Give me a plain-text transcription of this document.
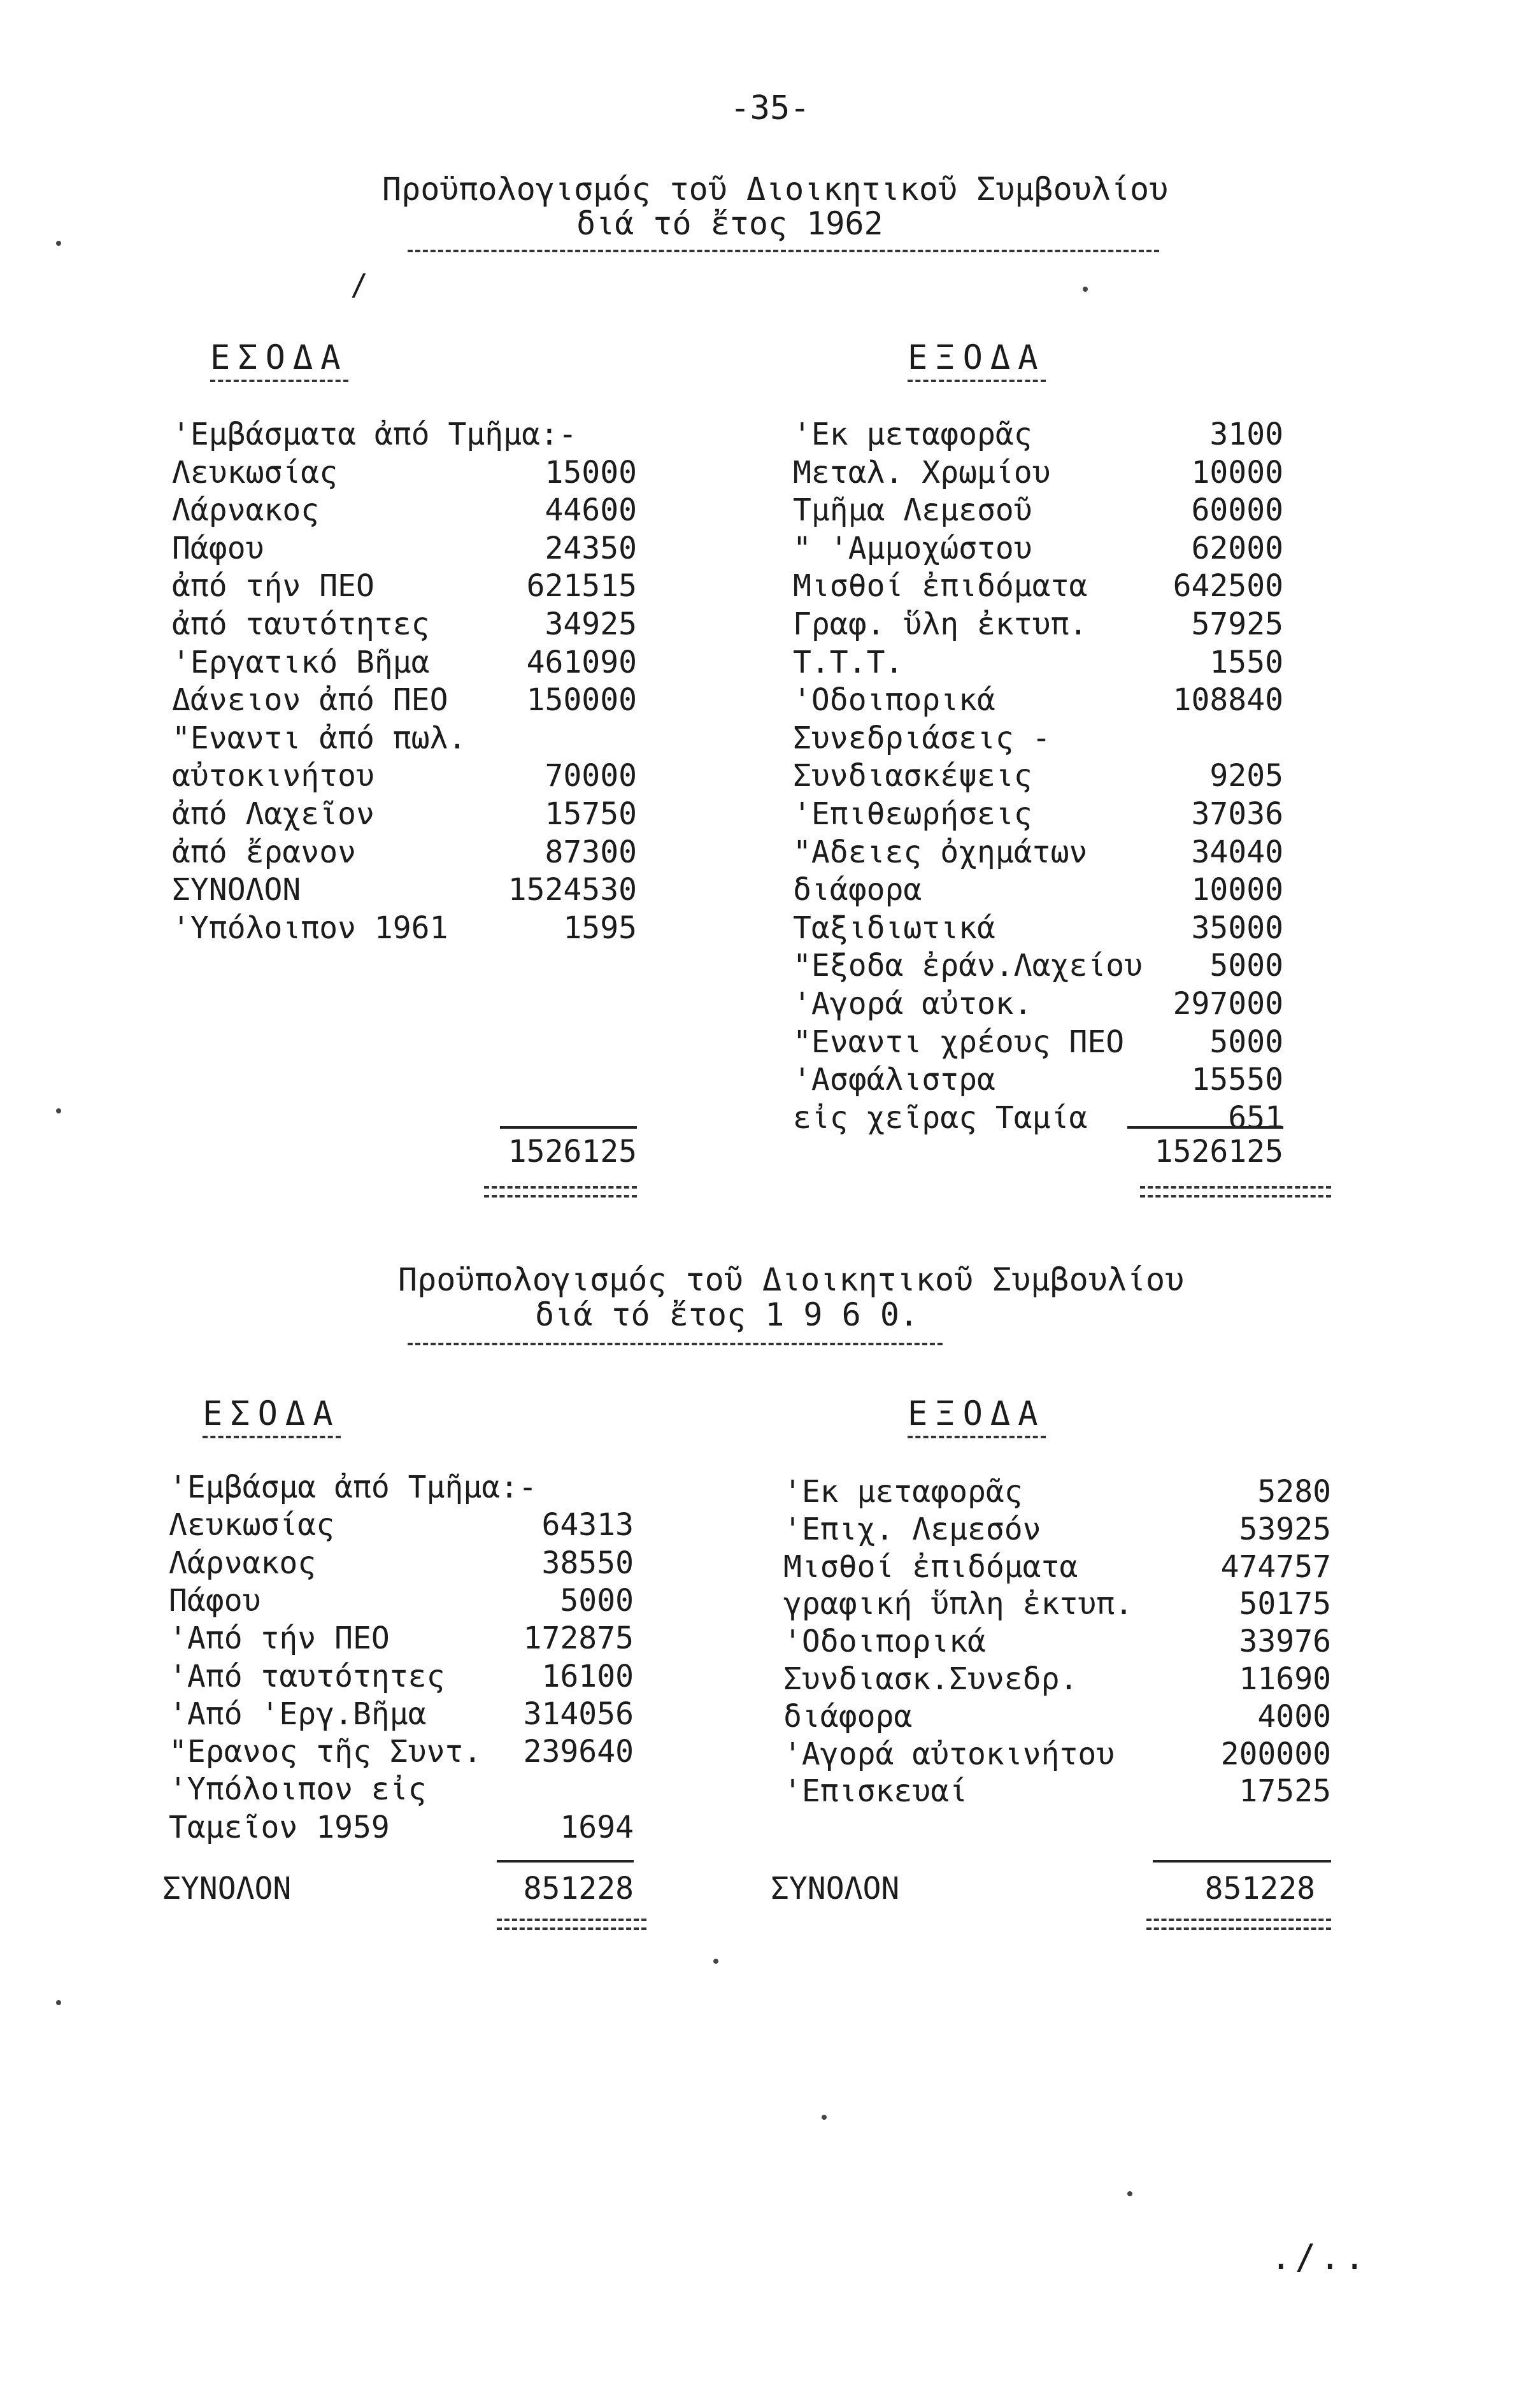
-35-
Προϋπολογισμός τοῦ Διοικητικοῦ Συμβουλίου
διά τό ἔτος 1962
/
ΕΣΟΔΑ	ΕΞΟΔΑ
'Εμβάσματα ἀπό Τμῆμα:-
Λευκωσίας	15000
Λάρνακος	44600
Πάφου	24350
ἀπό τήν ΠΕΟ	621515
ἀπό ταυτότητες	34925
'Εργατικό Βῆμα	461090
Δάνειον ἀπό ΠΕΟ	150000
"Εναντι ἀπό πωλ.
αὐτοκινήτου	70000
ἀπό Λαχεῖον	15750
ἀπό ἔρανον	87300
ΣΥΝΟΛΟΝ	1524530
'Υπόλοιπον 1961	1595
1526125
'Εκ μεταφορᾶς	3100
Μεταλ. Χρωμίου	10000
Τμῆμα Λεμεσοῦ	60000
" 'Αμμοχώστου	62000
Μισθοί ἐπιδόματα	642500
Γραφ. ὕλη ἐκτυπ.	57925
Τ.Τ.Τ.	1550
'Οδοιπορικά	108840
Συνεδριάσεις -
Συνδιασκέψεις	9205
'Επιθεωρήσεις	37036
"Αδειες ὀχημάτων	34040
διάφορα	10000
Ταξιδιωτικά	35000
"Εξοδα ἐράν.Λαχείου 5000
'Αγορά αὐτοκ.	297000
"Εναντι χρέους ΠΕΟ	5000
'Ασφάλιστρα	15550
εἰς χεῖρας Ταμία	651
1526125
Προϋπολογισμός τοῦ Διοικητικοῦ Συμβουλίου
διά τό ἔτος 1 9 6 0.
ΕΣΟΔΑ	ΕΞΟΔΑ
'Εμβάσμα ἀπό Τμῆμα:-
Λευκωσίας	64313
Λάρνακος	38550
Πάφου	5000
'Από τήν ΠΕΟ	172875
'Από ταυτότητες	16100
'Από 'Εργ.Βῆμα	314056
"Ερανος τῆς Συντ. 239640
'Υπόλοιπον εἰς
Ταμεῖον 1959	1694
ΣΥΝΟΛΟΝ	851228
'Εκ μεταφορᾶς	5280
'Επιχ. Λεμεσόν	53925
Μισθοί ἐπιδόματα	474757
γραφική ὕπλη ἐκτυπ.	50175
'Οδοιπορικά	33976
Συνδιασκ.Συνεδρ.	11690
διάφορα	4000
'Αγορά αὐτοκινήτου	200000
'Επισκευαί	17525
ΣΥΝΟΛΟΝ	851228
./..
